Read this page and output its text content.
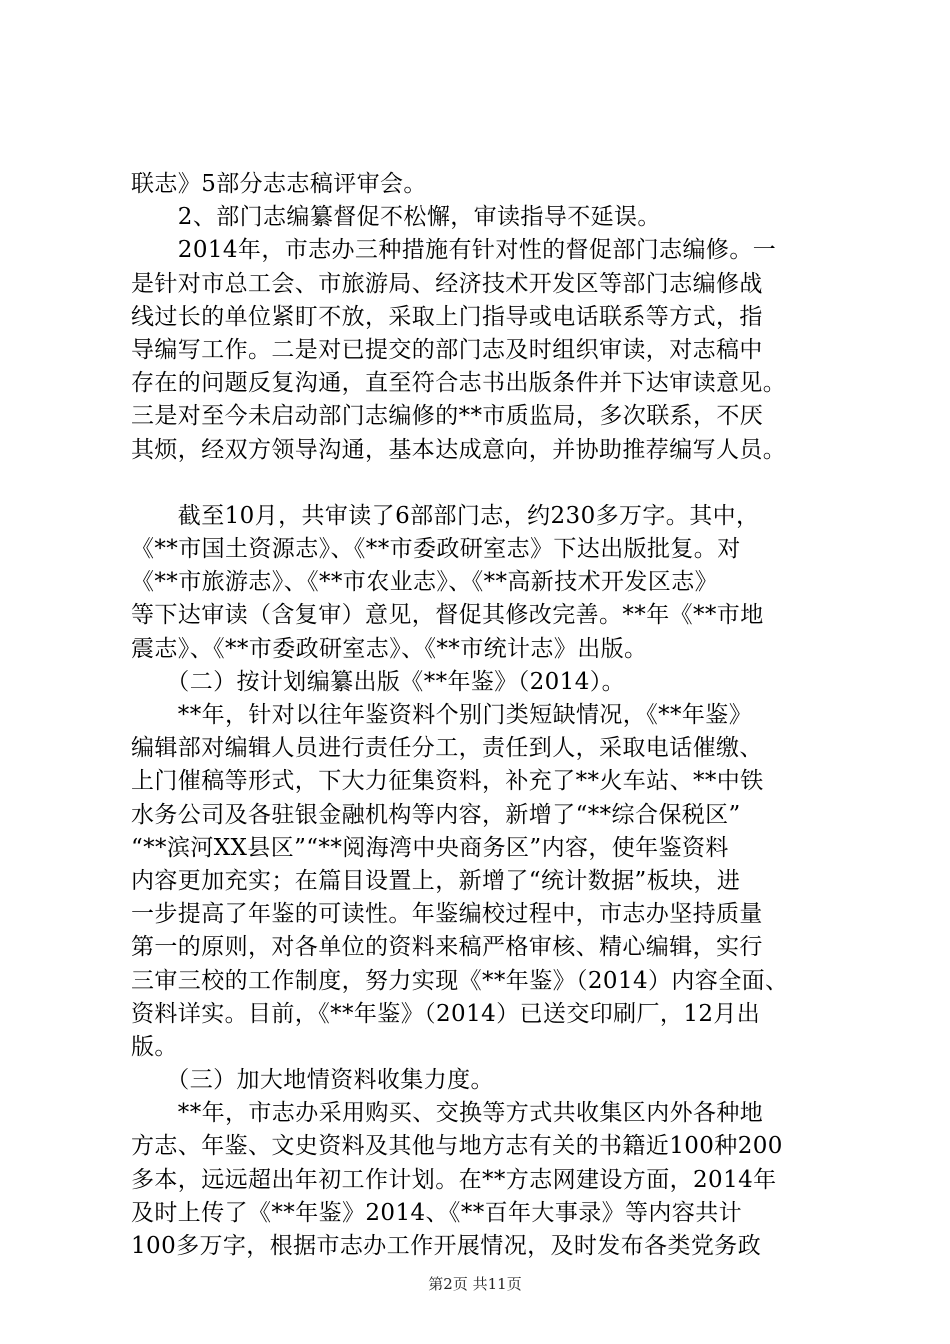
联志》5部分志志稿评审会。
　　2、部门志编纂督促不松懈，审读指导不延误。
　　2014年，市志办三种措施有针对性的督促部门志编修。一
是针对市总工会、市旅游局、经济技术开发区等部门志编修战
线过长的单位紧盯不放，采取上门指导或电话联系等方式，指
导编写工作。二是对已提交的部门志及时组织审读，对志稿中
存在的问题反复沟通，直至符合志书出版条件并下达审读意见。
三是对至今未启动部门志编修的**市质监局，多次联系，不厌
其烦，经双方领导沟通，基本达成意向，并协助推荐编写人员。
　　截至10月，共审读了6部部门志，约230多万字。其中，
《**市国土资源志》、《**市委政研室志》下达出版批复。对
《**市旅游志》、《**市农业志》、《**高新技术开发区志》
等下达审读（含复审）意见，督促其修改完善。**年《**市地
震志》、《**市委政研室志》、《**市统计志》出版。
　　（二）按计划编纂出版《**年鉴》（2014）。
　　**年，针对以往年鉴资料个别门类短缺情况，《**年鉴》
编辑部对编辑人员进行责任分工，责任到人，采取电话催缴、
上门催稿等形式，下大力征集资料，补充了**火车站、**中铁
水务公司及各驻银金融机构等内容，新增了“**综合保税区”
“**滨河XX县区”“**阅海湾中央商务区”内容，使年鉴资料
内容更加充实；在篇目设置上，新增了“统计数据”板块，进
一步提高了年鉴的可读性。年鉴编校过程中，市志办坚持质量
第一的原则，对各单位的资料来稿严格审核、精心编辑，实行
三审三校的工作制度，努力实现《**年鉴》（2014）内容全面、
资料详实。目前，《**年鉴》（2014）已送交印刷厂，12月出
版。
　　（三）加大地情资料收集力度。
　　**年，市志办采用购买、交换等方式共收集区内外各种地
方志、年鉴、文史资料及其他与地方志有关的书籍近100种200
多本，远远超出年初工作计划。在**方志网建设方面，2014年
及时上传了《**年鉴》2014、《**百年大事录》等内容共计
100多万字，根据市志办工作开展情况，及时发布各类党务政
第2页 共11页
